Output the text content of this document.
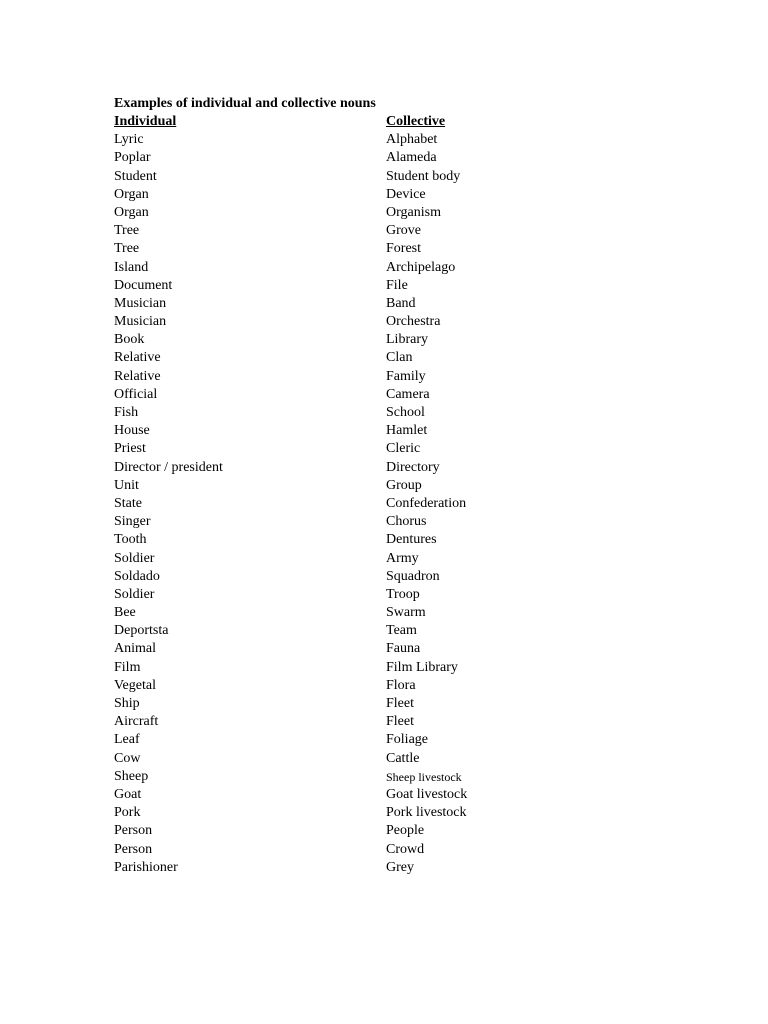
Examples of individual and collective nouns
Individual	Collective
Lyric	Alphabet
Poplar	Alameda
Student	Student body
Organ	Device
Organ	Organism
Tree	Grove
Tree	Forest
Island	Archipelago
Document	File
Musician	Band
Musician	Orchestra
Book	Library
Relative	Clan
Relative	Family
Official	Camera
Fish	School
House	Hamlet
Priest	Cleric
Director / president	Directory
Unit	Group
State	Confederation
Singer	Chorus
Tooth	Dentures
Soldier	Army
Soldado	Squadron
Soldier	Troop
Bee	Swarm
Deportsta	Team
Animal	Fauna
Film	Film Library
Vegetal	Flora
Ship	Fleet
Aircraft	Fleet
Leaf	Foliage
Cow	Cattle
Sheep	Sheep livestock
Goat	Goat livestock
Pork	Pork livestock
Person	People
Person	Crowd
Parishioner	Grey
